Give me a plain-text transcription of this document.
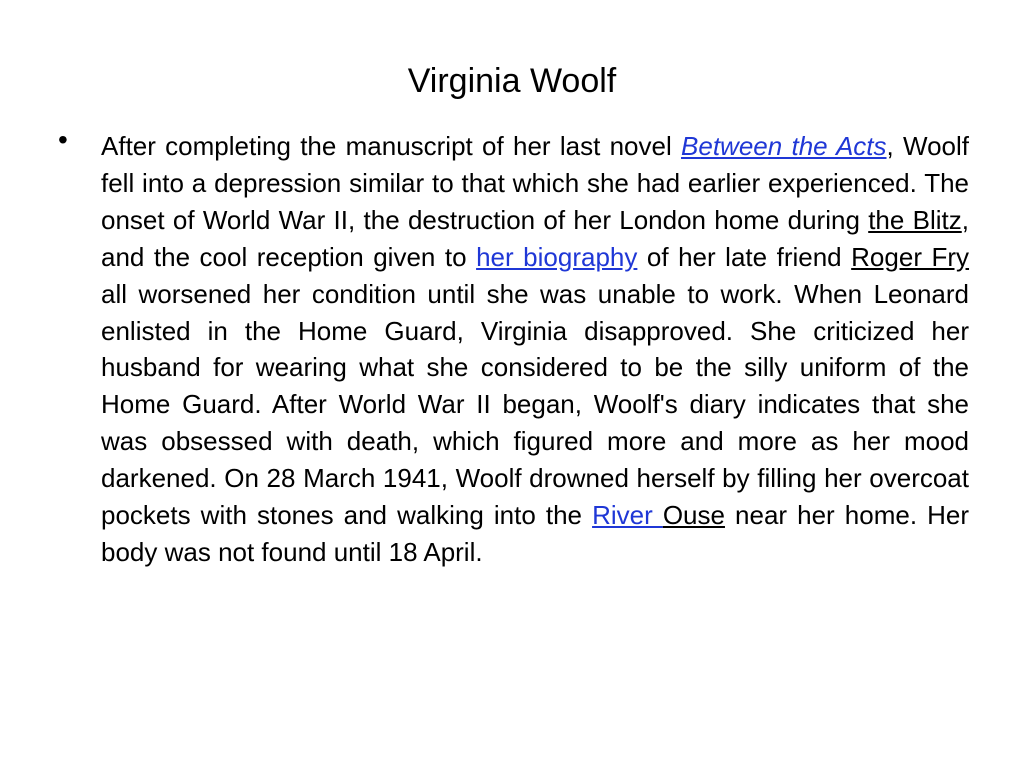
Virginia Woolf
• After completing the manuscript of her last novel Between the Acts, Woolf fell into a depression similar to that which she had earlier experienced. The onset of World War II, the destruction of her London home during the Blitz, and the cool reception given to her biography of her late friend Roger Fry all worsened her condition until she was unable to work. When Leonard enlisted in the Home Guard, Virginia disapproved. She criticized her husband for wearing what she considered to be the silly uniform of the Home Guard. After World War II began, Woolf's diary indicates that she was obsessed with death, which figured more and more as her mood darkened. On 28 March 1941, Woolf drowned herself by filling her overcoat pockets with stones and walking into the River Ouse near her home. Her body was not found until 18 April.
